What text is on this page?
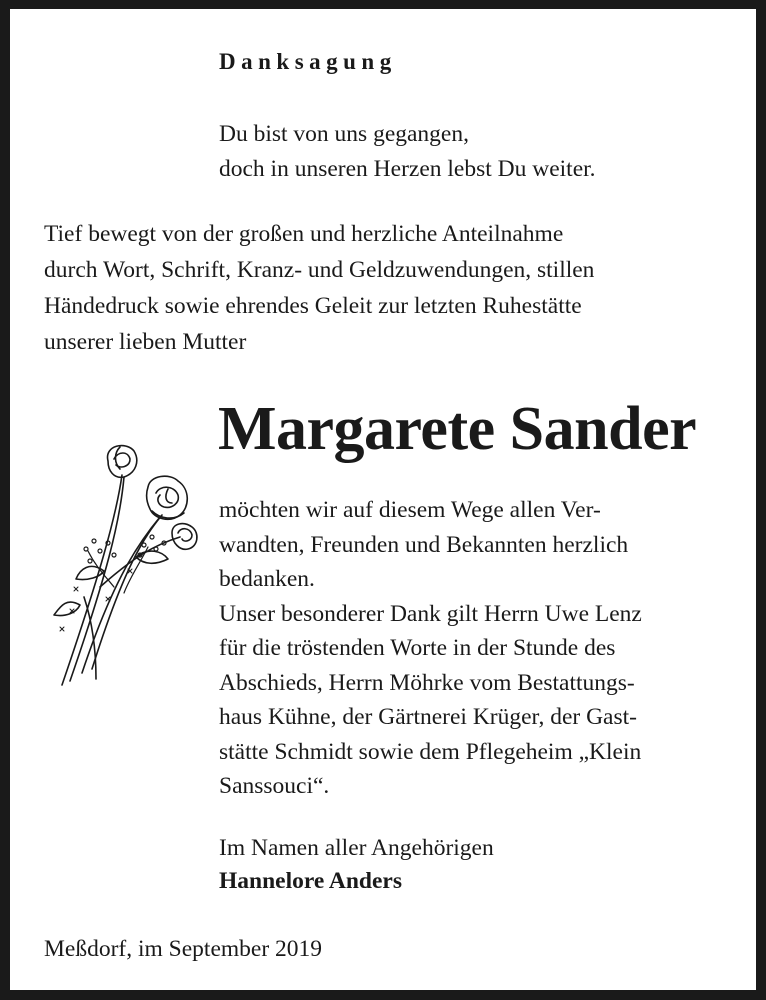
Danksagung
Du bist von uns gegangen,
doch in unseren Herzen lebst Du weiter.
Tief bewegt von der großen und herzliche Anteilnahme
durch Wort, Schrift, Kranz- und Geldzuwendungen, stillen
Händedruck sowie ehrendes Geleit zur letzten Ruhestätte
unserer lieben Mutter
Margarete Sander

möchten wir auf diesem Wege allen Ver-
wandten, Freunden und Bekannten herzlich
bedanken.

Unser besonderer Dank gilt Herrn Uwe Lenz
für die tröstenden Worte in der Stunde des
Abschieds, Herrn Möhrke vom Bestattungs-
haus Kühne, der Gärtnerei Krüger, der Gast-
stätte Schmidt sowie dem Pflegeheim „Klein
Sanssouci“.

Im Namen aller Angehörigen
Hannelore Anders
Meßdorf, im September 2019
